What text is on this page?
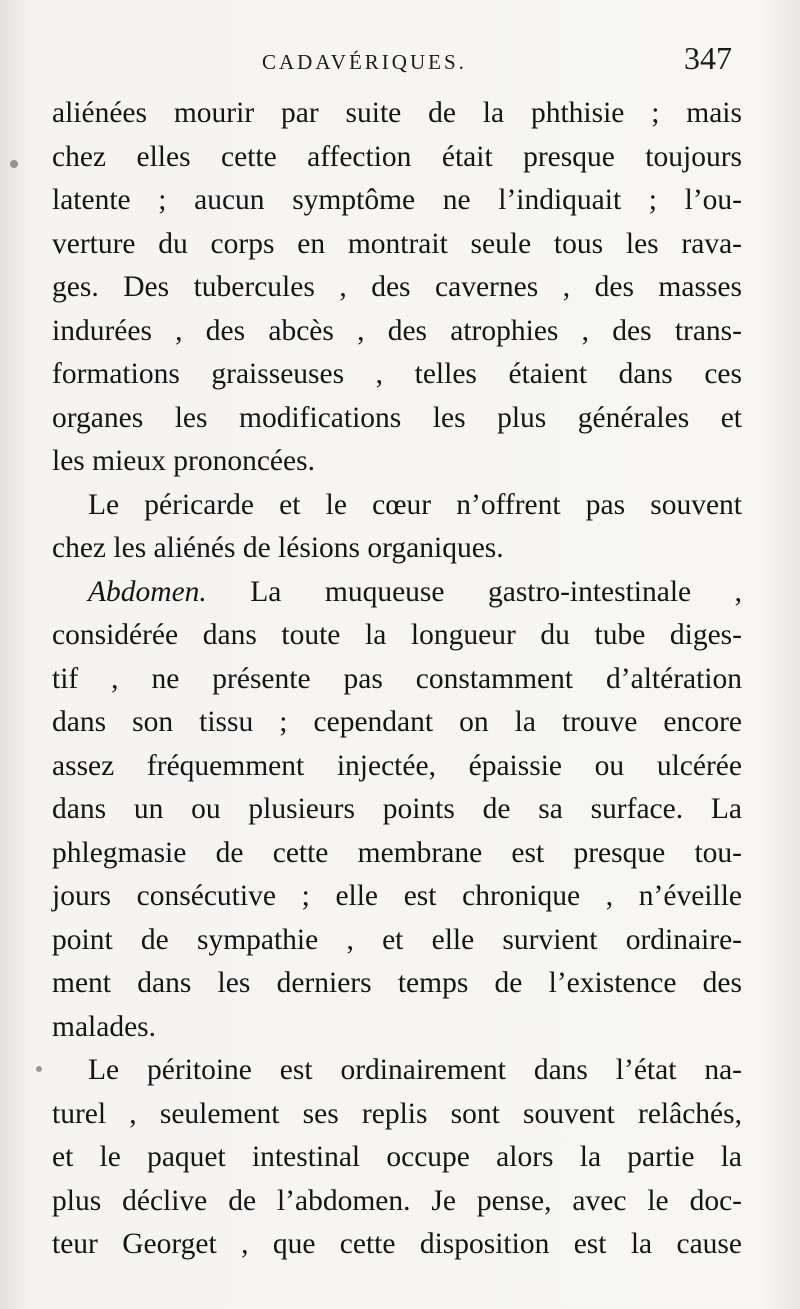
CADAVÉRIQUES.	347

aliénées mourir par suite de la phthisie ; mais
chez elles cette affection était presque toujours
latente ; aucun symptôme ne l’indiquait ; l’ou-
verture du corps en montrait seule tous les rava-
ges. Des tubercules , des cavernes , des masses
indurées , des abcès , des atrophies , des trans-
formations graisseuses , telles étaient dans ces
organes les modifications les plus générales et
les mieux prononcées.

Le péricarde et le cœur n’offrent pas souvent
chez les aliénés de lésions organiques.

Abdomen. La muqueuse gastro-intestinale ,
considérée dans toute la longueur du tube diges-
tif , ne présente pas constamment d’altération
dans son tissu ; cependant on la trouve encore
assez fréquemment injectée, épaissie ou ulcérée
dans un ou plusieurs points de sa surface. La
phlegmasie de cette membrane est presque tou-
jours consécutive ; elle est chronique , n’éveille
point de sympathie , et elle survient ordinaire-
ment dans les derniers temps de l’existence des
malades.

Le péritoine est ordinairement dans l’état na-
turel , seulement ses replis sont souvent relâchés,
et le paquet intestinal occupe alors la partie la
plus déclive de l’abdomen. Je pense, avec le doc-
teur Georget , que cette disposition est la cause
